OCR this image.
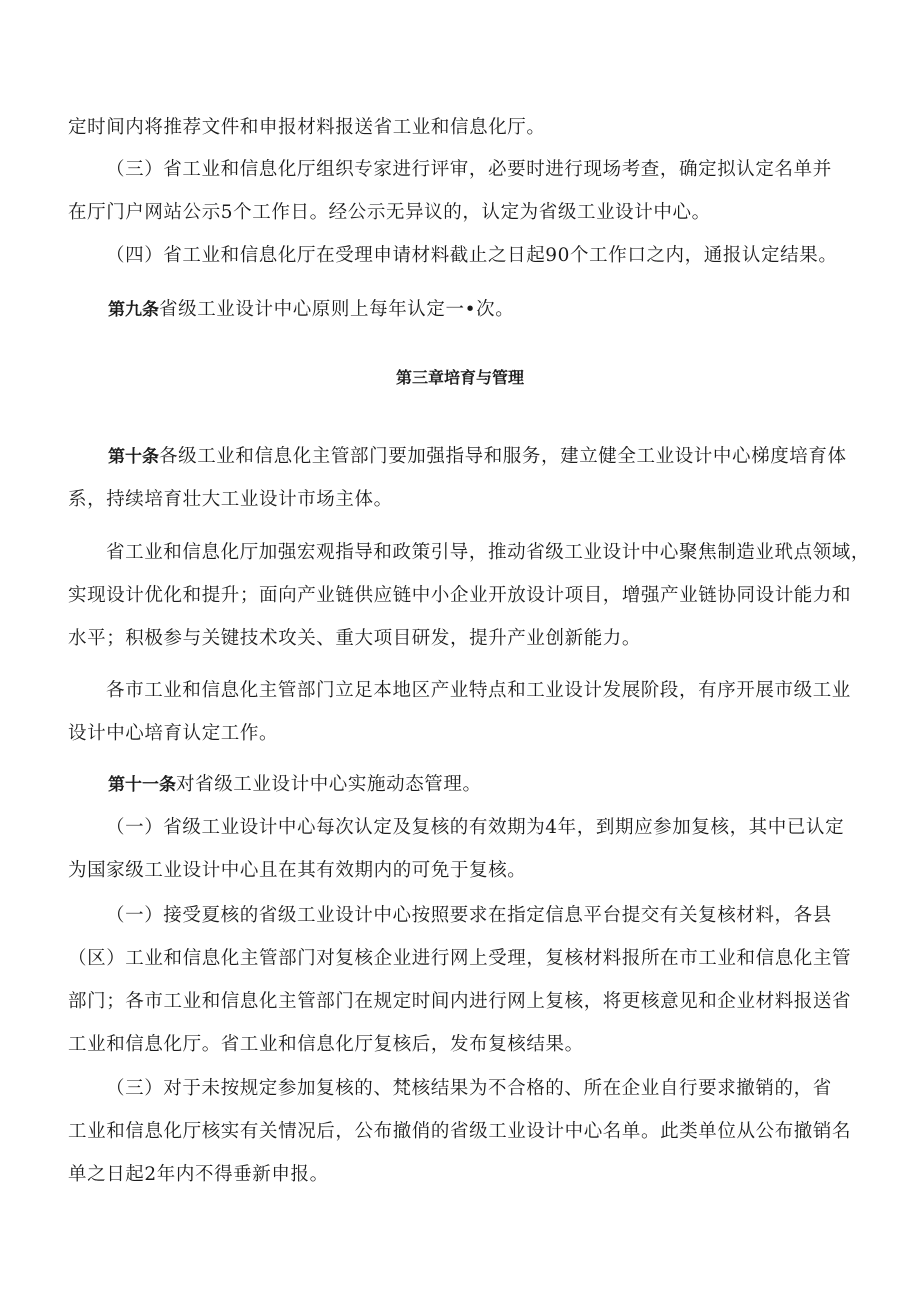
定时间内将推荐文件和申报材料报送省工业和信息化厅。
（三）省工业和信息化厅组织专家进行评审，必要时进行现场考查，确定拟认定名单并
在厅门户网站公示5个工作日。经公示无异议的，认定为省级工业设计中心。
（四）省工业和信息化厅在受理申请材料截止之日起90个工作口之内，通报认定结果。
第九条省级工业设计中心原则上每年认定一•次。
第三章培育与管理
第十条各级工业和信息化主管部门要加强指导和服务，建立健全工业设计中心梯度培育体
系，持续培育壮大工业设计市场主体。
省工业和信息化厅加强宏观指导和政策引导，推动省级工业设计中心聚焦制造业玳点领域，
实现设计优化和提升；面向产业链供应链中小企业开放设计项目，增强产业链协同设计能力和
水平；积极参与关键技术攻关、重大项目研发，提升产业创新能力。
各市工业和信息化主管部门立足本地区产业特点和工业设计发展阶段，有序开展市级工业
设计中心培育认定工作。
第十一条对省级工业设计中心实施动态管理。
（一）省级工业设计中心每次认定及复核的有效期为4年，到期应参加复核，其中已认定
为国家级工业设计中心且在其有效期内的可免于复核。
（一）接受夏核的省级工业设计中心按照要求在指定信息平台提交有关复核材料，各县
（区）工业和信息化主管部门对复核企业进行网上受理，复核材料报所在市工业和信息化主管
部门；各市工业和信息化主管部门在规定时间内进行网上复核，将更核意见和企业材料报送省
工业和信息化厅。省工业和信息化厅复核后，发布复核结果。
（三）对于未按规定参加复核的、梵核结果为不合格的、所在企业自行要求撤销的，省
工业和信息化厅核实有关情况后，公布撤俏的省级工业设计中心名单。此类单位从公布撤销名
单之日起2年内不得垂新申报。
